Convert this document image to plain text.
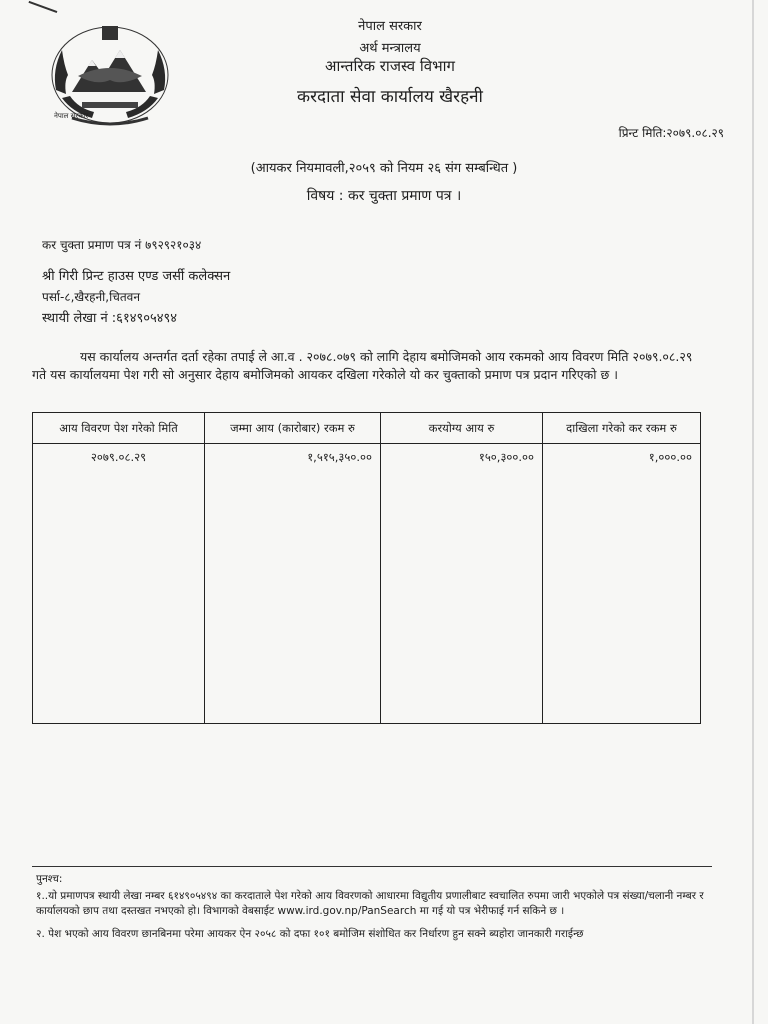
नेपाल सरकार
नेपाल सरकार
अर्थ मन्त्रालय
आन्तरिक राजस्व विभाग
करदाता सेवा कार्यालय खैरहनी
प्रिन्ट मिति:२०७९.०८.२९
(आयकर नियमावली,२०५९ को नियम २६ संग सम्बन्धित )
विषय : कर चुक्ता प्रमाण पत्र ।
कर चुक्ता प्रमाण पत्र नं ७९२९२१०३४
श्री गिरी प्रिन्ट हाउस एण्ड जर्सी कलेक्सन
पर्सा-८,खैरहनी,चितवन
स्थायी लेखा नं :६१४९०५४९४
यस कार्यालय अन्तर्गत दर्ता रहेका तपाई ले आ.व . २०७८.०७९ को लागि देहाय बमोजिमको आय रकमको आय विवरण मिति २०७९.०८.२९ गते यस कार्यालयमा पेश गरी सो अनुसार देहाय बमोजिमको आयकर दखिला गरेकोले यो कर चुक्ताको प्रमाण पत्र प्रदान गरिएको छ ।
आय विवरण पेश गरेको मिति	जम्मा आय (कारोबार) रकम रु	करयोग्य आय रु	दाखिला गरेको कर रकम रु
२०७९.०८.२९	१,५१५,३५०.००	१५०,३००.००	१,०००.००

पुनश्च:

१..यो प्रमाणपत्र स्थायी लेखा नम्बर ६१४९०५४९४ का करदाताले पेश गरेको आय विवरणको आधारमा विद्युतीय प्रणालीबाट स्वचालित रुपमा जारी भएकोले पत्र संख्या/चलानी नम्बर र कार्यालयको छाप तथा दस्तखत नभएको हो। विभागको वेबसाईट www.ird.gov.np/PanSearch मा गई यो पत्र भेरीफाई गर्न सकिने छ ।

२. पेश भएको आय विवरण छानबिनमा परेमा आयकर ऐन २०५८ को दफा १०१ बमोजिम संशोधित कर निर्धारण हुन सक्ने ब्यहोरा जानकारी गराईन्छ
